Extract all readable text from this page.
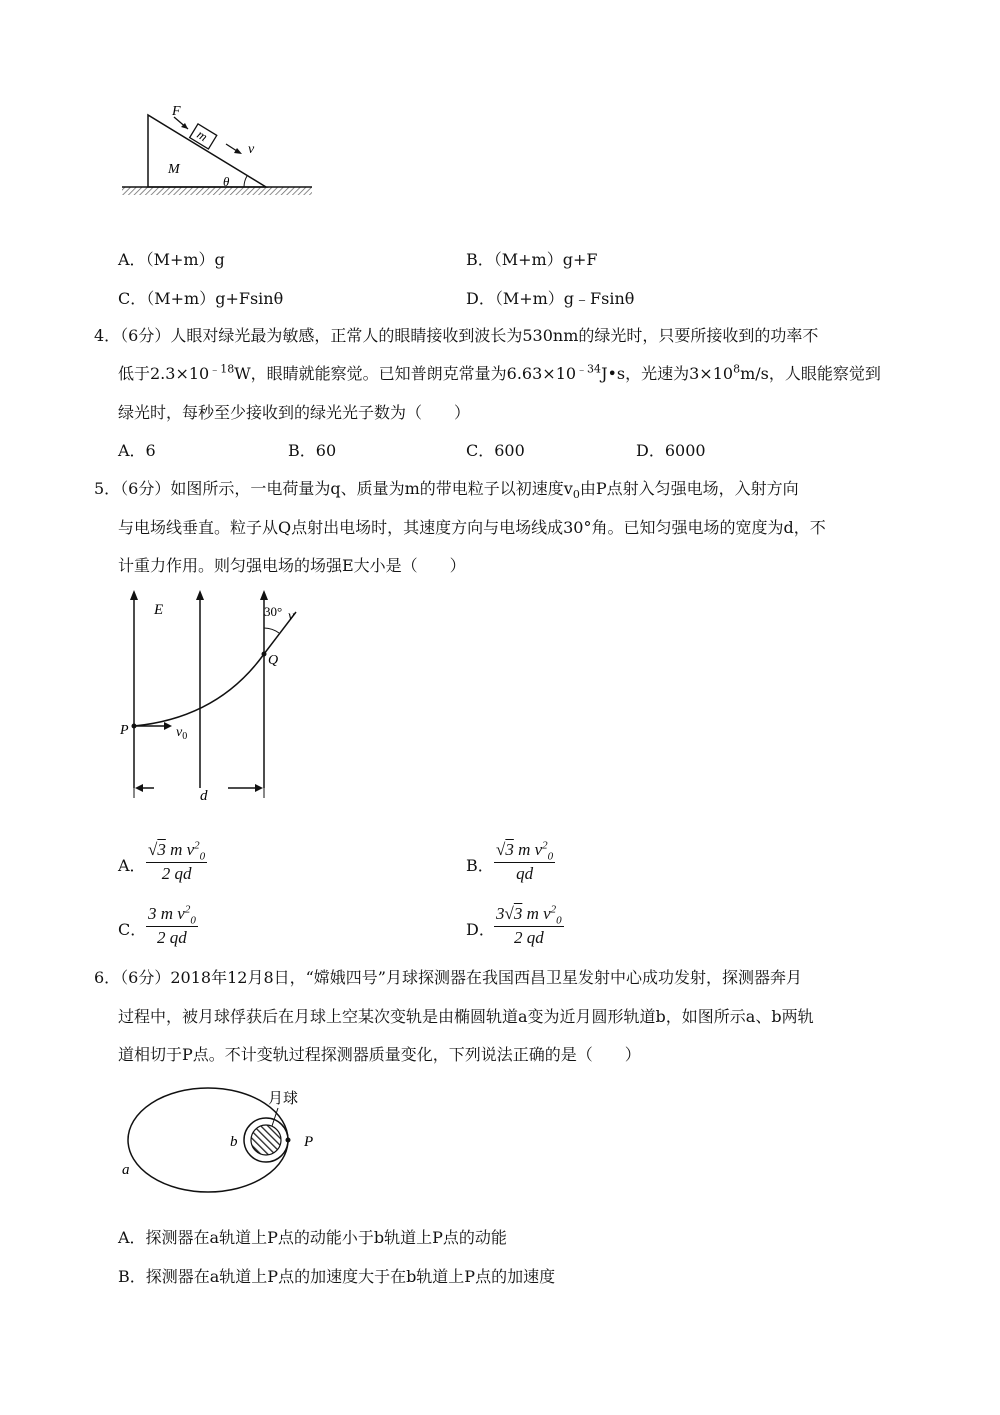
m
F
v
M
θ
A．（M+m）g	B．（M+m）g+F
C．（M+m）g+Fsinθ	D．（M+m）g﹣Fsinθ
4．（6分）人眼对绿光最为敏感，正常人的眼睛接收到波长为530nm的绿光时，只要所接收到的功率不
低于$2.3\times 10^{﹣18}W$，眼睛就能察觉。已知普朗克常量为$6.63\times 10^{﹣34}J•s$，光速为$3\times 10^8m/s$，人眼能察觉到
绿光时，每秒至少接收到的绿光光子数为（　　）
A．6	B．60	C．600	D．6000
5．（6分）如图所示，一电荷量为q、质量为m的带电粒子以初速度$v_0$由P点射入匀强电场，入射方向
与电场线垂直。粒子从Q点射出电场时，其速度方向与电场线成30°角。已知匀强电场的宽度为d，不
计重力作用。则匀强电场的场强E大小是（　　）
E	30° v
Q
P	$v_0$
d
A． $\frac{√3 m v^2_0}{2 qd}$	B． $\frac{√3 m v^2_0}{qd}$
C． $\frac{3 m v^2_0}{2 qd}$	D． $\frac{3√3 m v^2_0}{2 qd}$
6．（6分）2018年12月8日，“嫦娥四号”月球探测器在我国西昌卫星发射中心成功发射，探测器奔月
过程中，被月球俘获后在月球上空某次变轨是由椭圆轨道a变为近月圆形轨道b，如图所示a、b两轨
道相切于P点。不计变轨过程探测器质量变化，下列说法正确的是（　　）
月球
b	P
a
A．探测器在a轨道上P点的动能小于b轨道上P点的动能
B．探测器在a轨道上P点的加速度大于在b轨道上P点的加速度
